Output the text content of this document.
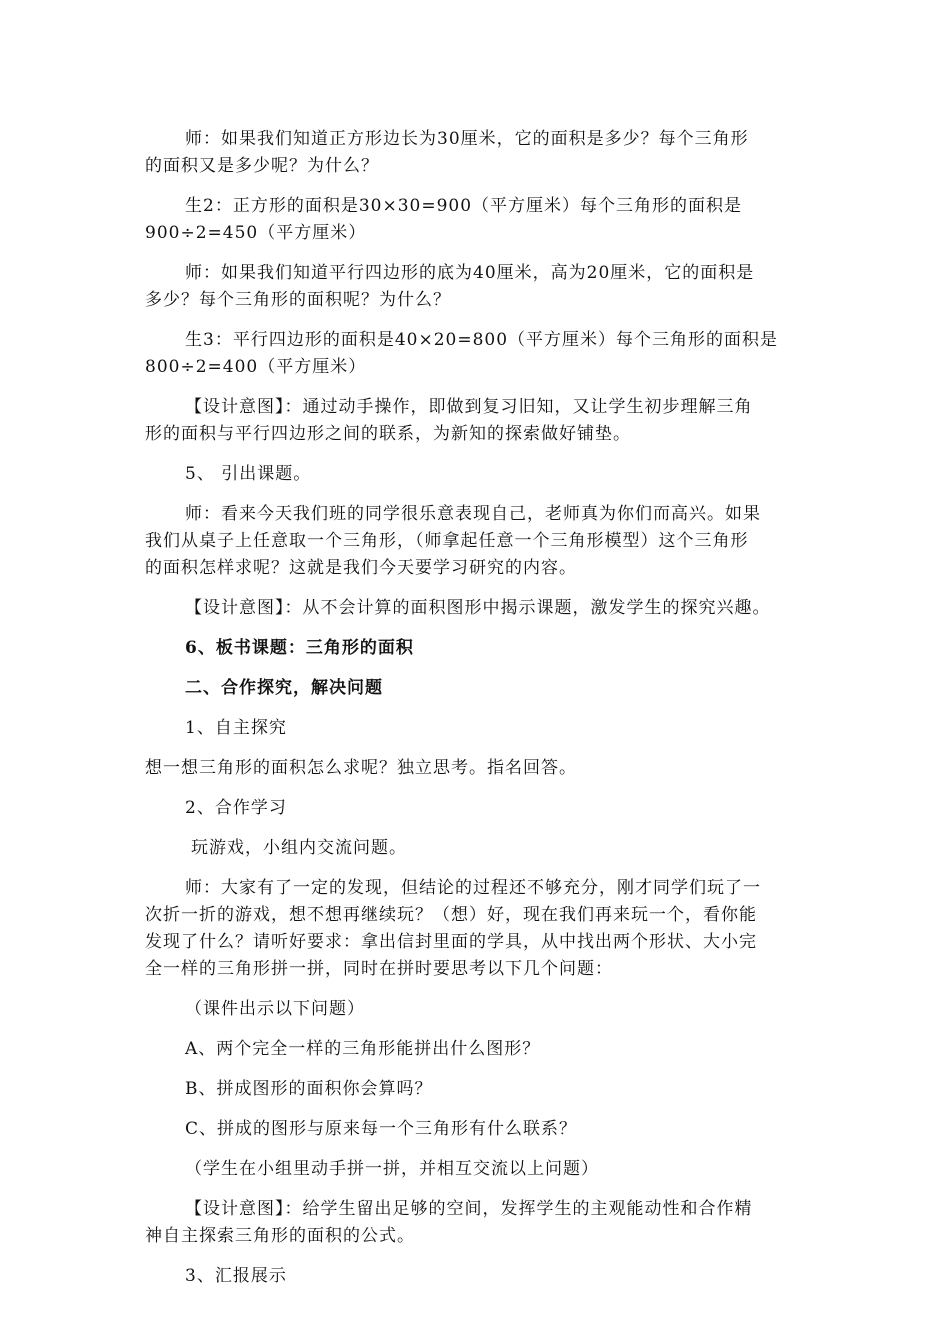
师：如果我们知道正方形边长为30厘米，它的面积是多少？每个三角形
的面积又是多少呢？为什么？
生2：正方形的面积是30×30=900（平方厘米）每个三角形的面积是
900÷2=450（平方厘米）
师：如果我们知道平行四边形的底为40厘米，高为20厘米，它的面积是
多少？每个三角形的面积呢？为什么？
生3：平行四边形的面积是40×20=800（平方厘米）每个三角形的面积是
800÷2=400（平方厘米）
【设计意图】：通过动手操作，即做到复习旧知，又让学生初步理解三角
形的面积与平行四边形之间的联系，为新知的探索做好铺垫。
5、 引出课题。
师：看来今天我们班的同学很乐意表现自己，老师真为你们而高兴。如果
我们从桌子上任意取一个三角形，（师拿起任意一个三角形模型）这个三角形
的面积怎样求呢？这就是我们今天要学习研究的内容。
【设计意图】：从不会计算的面积图形中揭示课题，激发学生的探究兴趣。
6、板书课题：三角形的面积
二、合作探究，解决问题
1、自主探究
想一想三角形的面积怎么求呢？独立思考。指名回答。
2、合作学习
玩游戏，小组内交流问题。
师：大家有了一定的发现，但结论的过程还不够充分，刚才同学们玩了一
次折一折的游戏，想不想再继续玩？（想）好，现在我们再来玩一个，看你能
发现了什么？请听好要求：拿出信封里面的学具，从中找出两个形状、大小完
全一样的三角形拼一拼，同时在拼时要思考以下几个问题：
（课件出示以下问题）
A、两个完全一样的三角形能拼出什么图形？
B、拼成图形的面积你会算吗？
C、拼成的图形与原来每一个三角形有什么联系？
（学生在小组里动手拼一拼，并相互交流以上问题）
【设计意图】：给学生留出足够的空间，发挥学生的主观能动性和合作精
神自主探索三角形的面积的公式。
3、汇报展示
